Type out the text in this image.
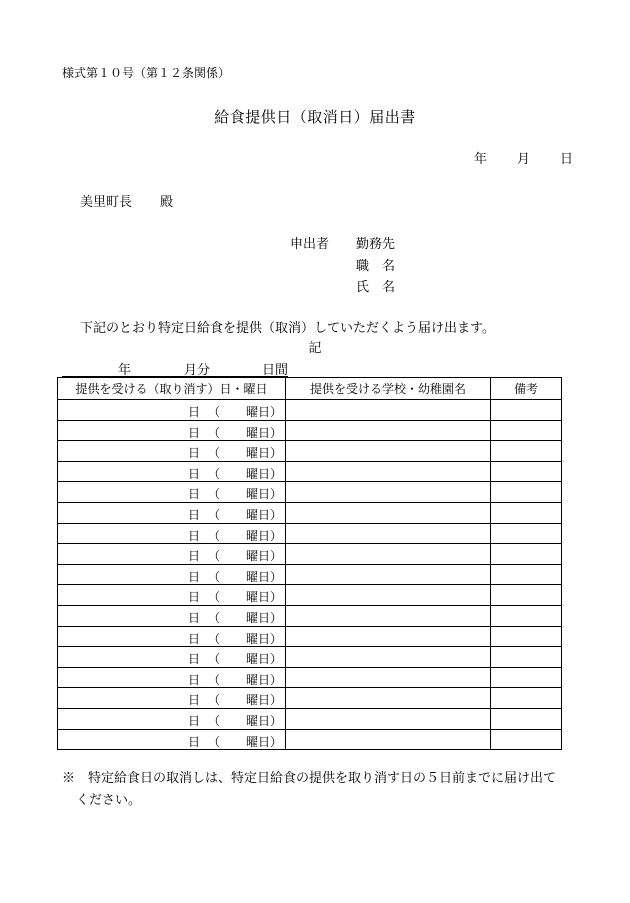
様式第１０号（第１２条関係）
給食提供日（取消日）届出書
年 月 日
美里町長 殿
申出者	勤務先
職　名
氏　名
下記のとおり特定日給食を提供（取消）していただくよう届け出ます。
記
年	月分	日間
提供を受ける（取り消す）日・曜日	提供を受ける学校・幼稚園名	備考

日 （ 曜日）		

日 （ 曜日）		

日 （ 曜日）		

日 （ 曜日）		

日 （ 曜日）		

日 （ 曜日）		

日 （ 曜日）		

日 （ 曜日）		

日 （ 曜日）		

日 （ 曜日）		

日 （ 曜日）		

日 （ 曜日）		

日 （ 曜日）		

日 （ 曜日）		

日 （ 曜日）		

日 （ 曜日）		

日 （ 曜日）		

※　 特定給食日の取消しは、特定日給食の提供を取り消す日の５日前までに届け出て
ください。
